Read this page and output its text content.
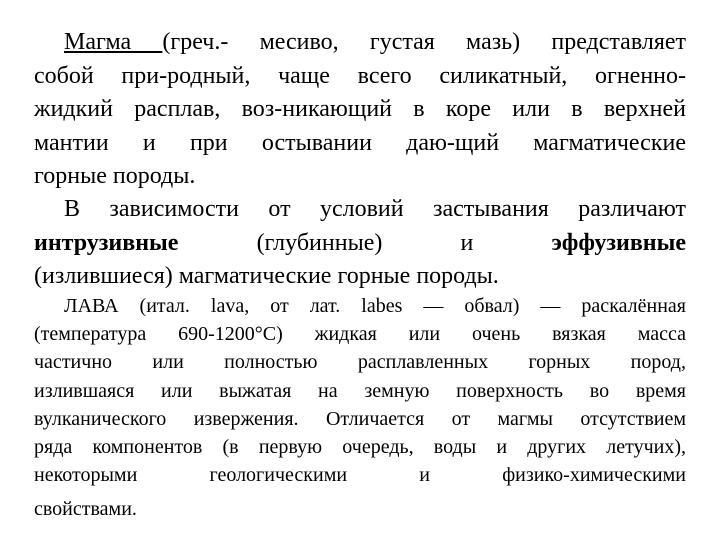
Магма (греч.- месиво, густая мазь) представляет
собой при-родный, чаще всего силикатный, огненно-
жидкий расплав, воз-никающий в коре или в верхней
мантии и при остывании даю-щий магматические
горные породы.
В зависимости от условий застывания различают
интрузивные (глубинные) и эффузивные
(излившиеся) магматические горные породы.
ЛАВА (итал. lava, от лат. labes — обвал) — раскалённая
(температура 690-1200°C) жидкая или очень вязкая масса
частично или полностью расплавленных горных пород,
излившаяся или выжатая на земную поверхность во время
вулканического извержения. Отличается от магмы отсутствием
ряда компонентов (в первую очередь, воды и других летучих),
некоторыми геологическими и физико-химическими
свойствами.
